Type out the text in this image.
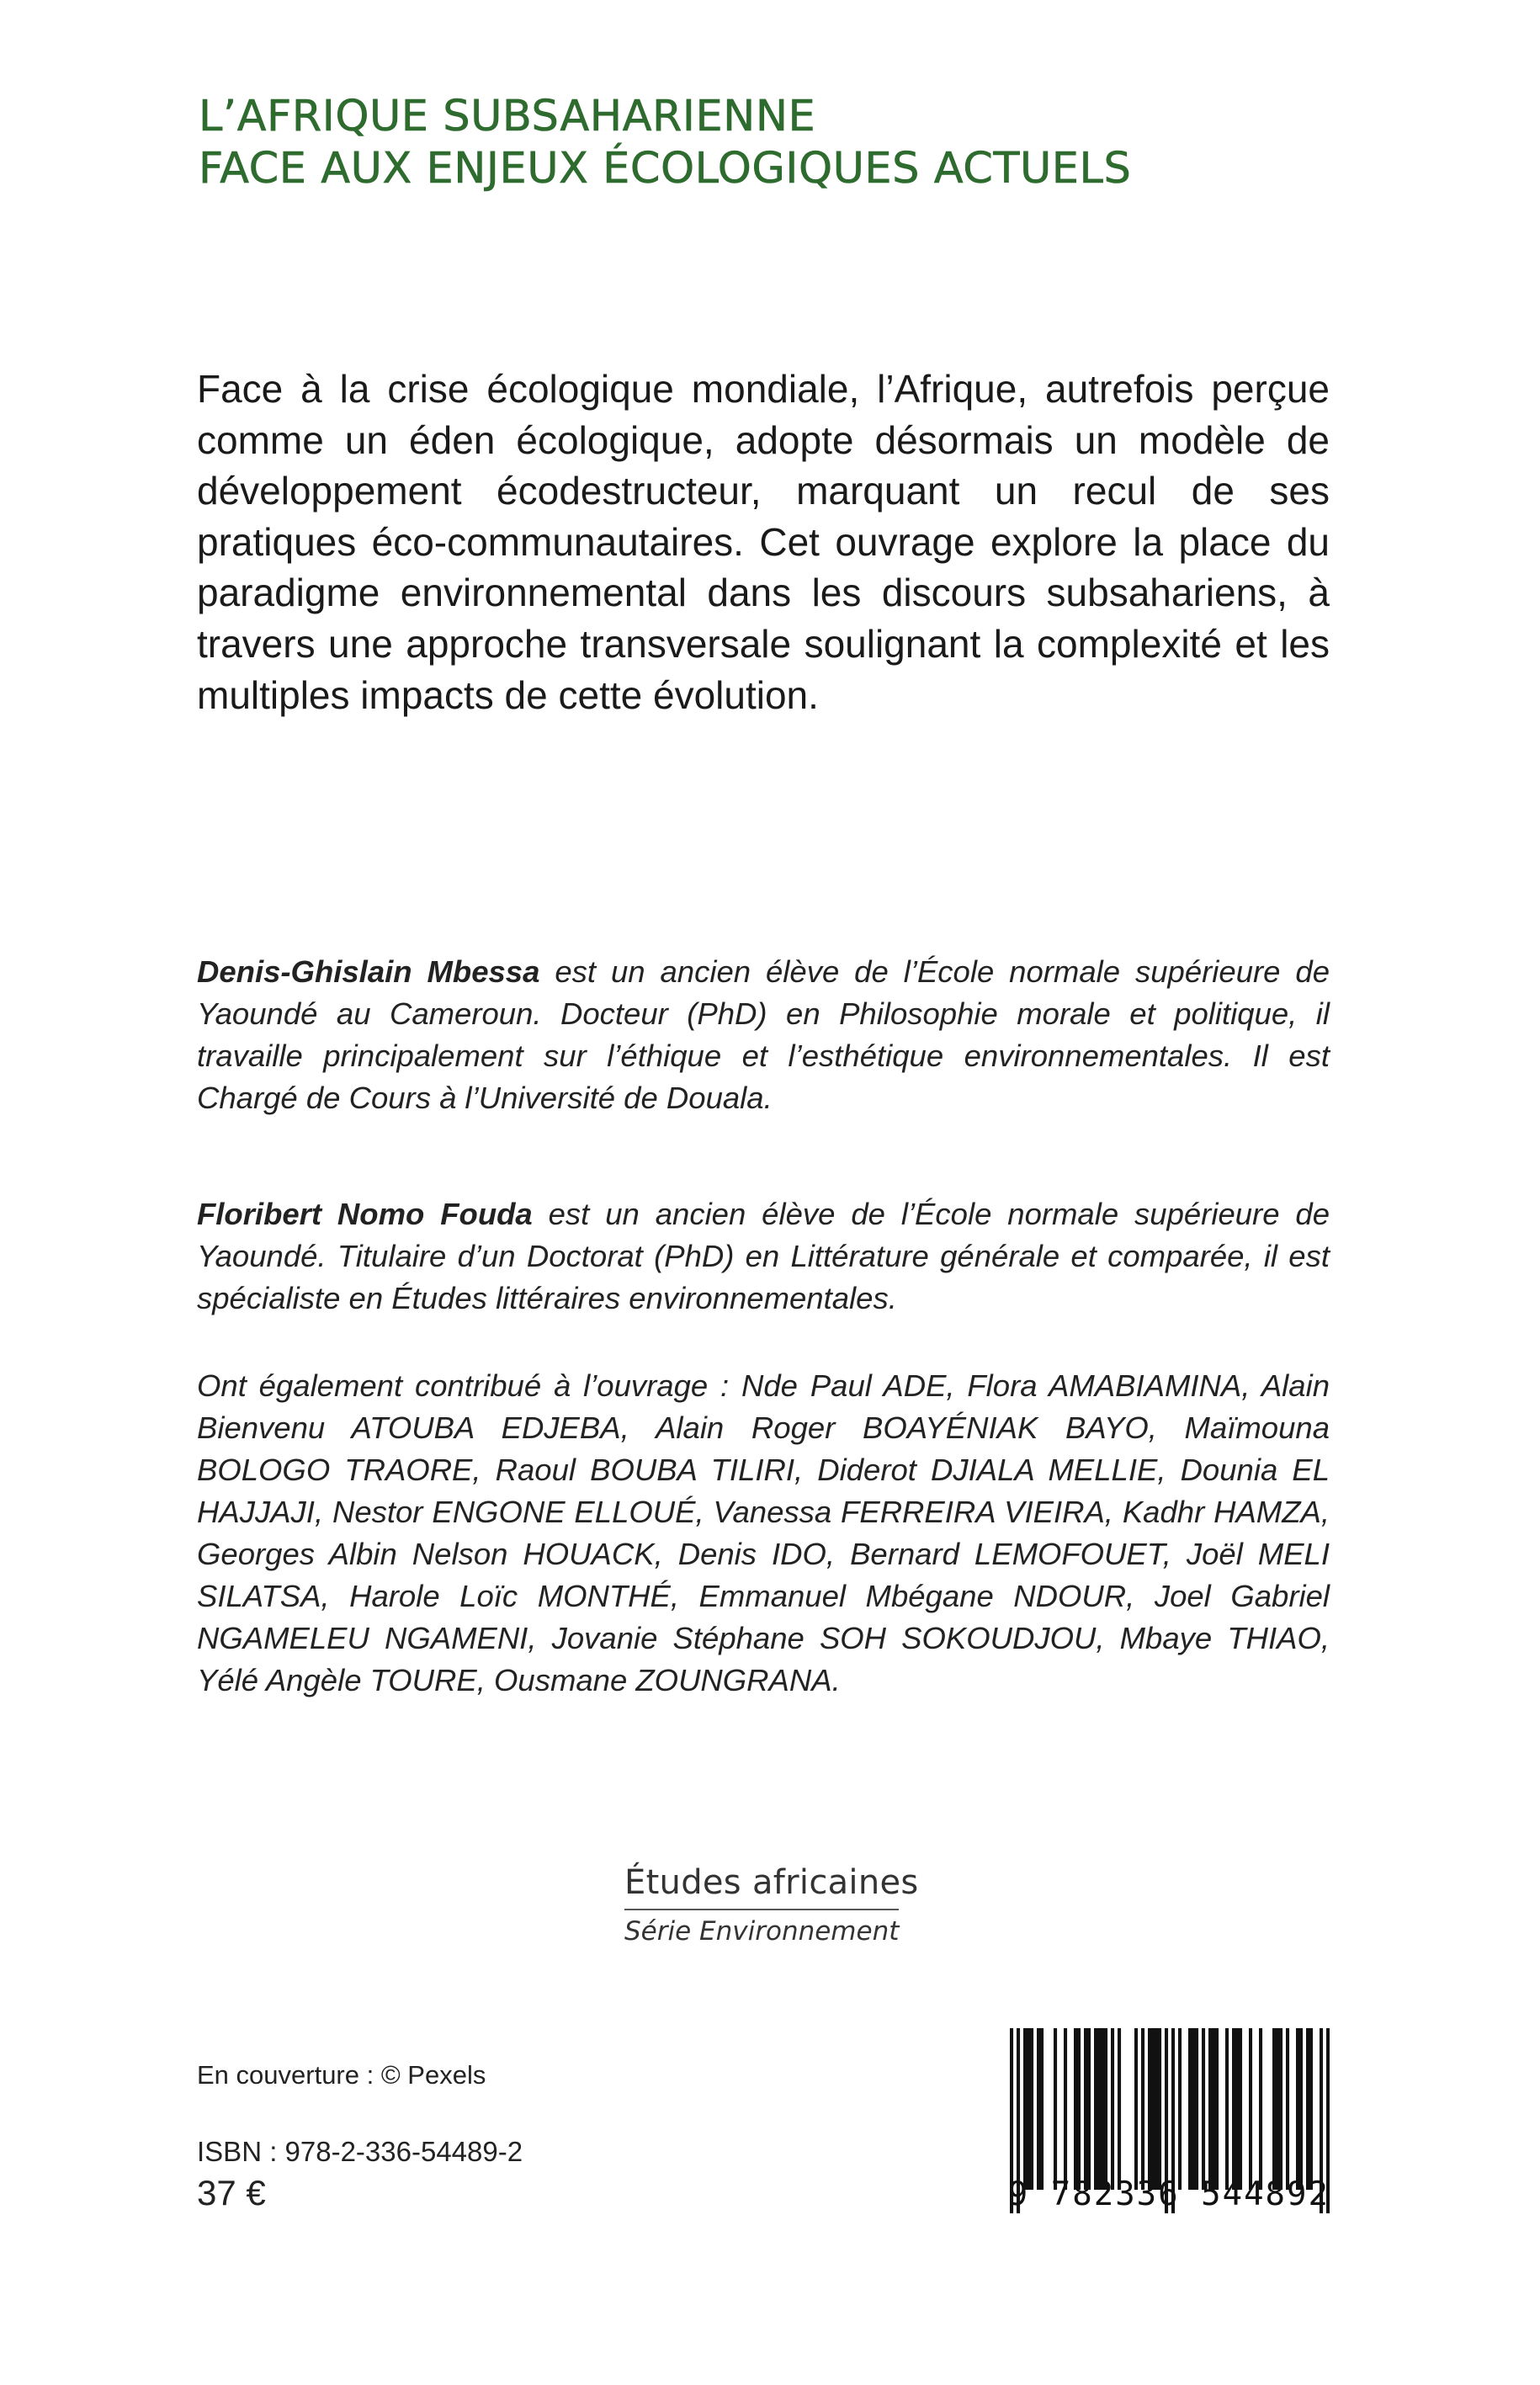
L’AFRIQUE SUBSAHARIENNE
FACE AUX ENJEUX ÉCOLOGIQUES ACTUELS

Face à la crise écologique mondiale, l’Afrique, autrefois perçue comme un éden écologique, adopte désormais un modèle de développement écodestructeur, marquant un recul de ses pratiques éco-communautaires. Cet ouvrage explore la place du paradigme environnemental dans les discours subsahariens, à travers une approche transversale soulignant la complexité et les multiples impacts de cette évolution.

Denis-Ghislain Mbessa est un ancien élève de l’École normale supérieure de Yaoundé au Cameroun. Docteur (PhD) en Philosophie morale et politique, il travaille principalement sur l’éthique et l’esthétique environnementales. Il est Chargé de Cours à l’Université de Douala.

Floribert Nomo Fouda est un ancien élève de l’École normale supérieure de Yaoundé. Titulaire d’un Doctorat (PhD) en Littérature générale et comparée, il est spécialiste en Études littéraires environnementales.

Ont également contribué à l’ouvrage : Nde Paul ADE, Flora AMABIAMINA, Alain Bienvenu ATOUBA EDJEBA, Alain Roger BOAYÉNIAK BAYO, Maïmouna BOLOGO TRAORE, Raoul BOUBA TILIRI, Diderot DJIALA MELLIE, Dounia EL HAJJAJI, Nestor ENGONE ELLOUÉ, Vanessa FERREIRA VIEIRA, Kadhr HAMZA, Georges Albin Nelson HOUACK, Denis IDO, Bernard LEMOFOUET, Joël MELI SILATSA, Harole Loïc MONTHÉ, Emmanuel Mbégane NDOUR, Joel Gabriel NGAMELEU NGAMENI, Jovanie Stéphane SOH SOKOUDJOU, Mbaye THIAO, Yélé Angèle TOURE, Ousmane ZOUNGRANA.

Études africaines
Série Environnement
En couverture : © Pexels
ISBN : 978-2-336-54489-2
37 €	9 782336 544892
